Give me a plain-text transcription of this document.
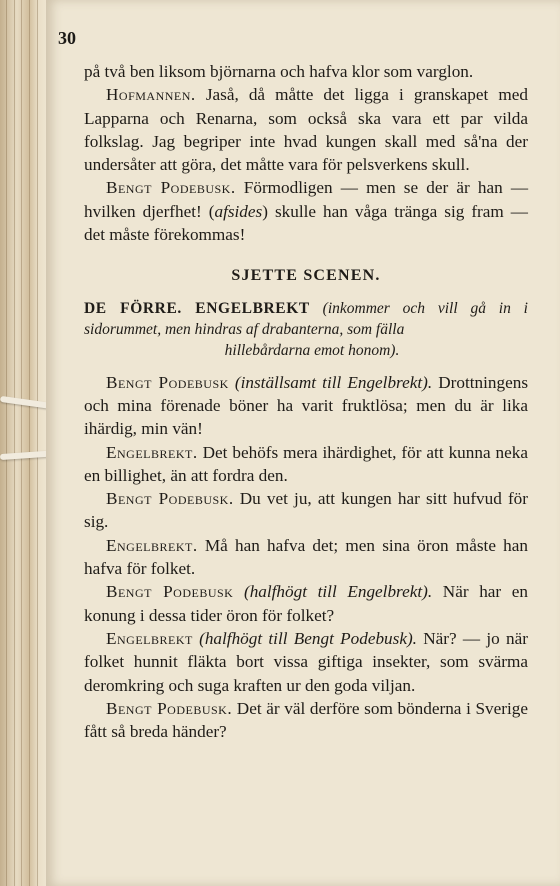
30

på två ben liksom björnarna och hafva klor som varglon.

Hofmannen. Jaså, då måtte det ligga i granskapet med Lapparna och Renarna, som också ska vara ett par vilda folkslag. Jag begriper inte hvad kungen skall med så'na der undersåter att göra, det måtte vara för pelsverkens skull.

Bengt Podebusk. Förmodligen — men se der är han — hvilken djerfhet! (afsides) skulle han våga tränga sig fram — det måste förekommas!

SJETTE SCENEN.

DE FÖRRE. ENGELBREKT (inkommer och vill gå in i sidorummet, men hindras af drabanterna, som fälla
hillebårdarna emot honom).

Bengt Podebusk (inställsamt till Engelbrekt). Drottningens och mina förenade böner ha varit fruktlösa; men du är lika ihärdig, min vän!

Engelbrekt. Det behöfs mera ihärdighet, för att kunna neka en billighet, än att fordra den.

Bengt Podebusk. Du vet ju, att kungen har sitt hufvud för sig.

Engelbrekt. Må han hafva det; men sina öron måste han hafva för folket.

Bengt Podebusk (halfhögt till Engelbrekt). När har en konung i dessa tider öron för folket?

Engelbrekt (halfhögt till Bengt Podebusk). När? — jo när folket hunnit fläkta bort vissa giftiga insekter, som svärma deromkring och suga kraften ur den goda viljan.

Bengt Podebusk. Det är väl derföre som bönderna i Sverige fått så breda händer?
